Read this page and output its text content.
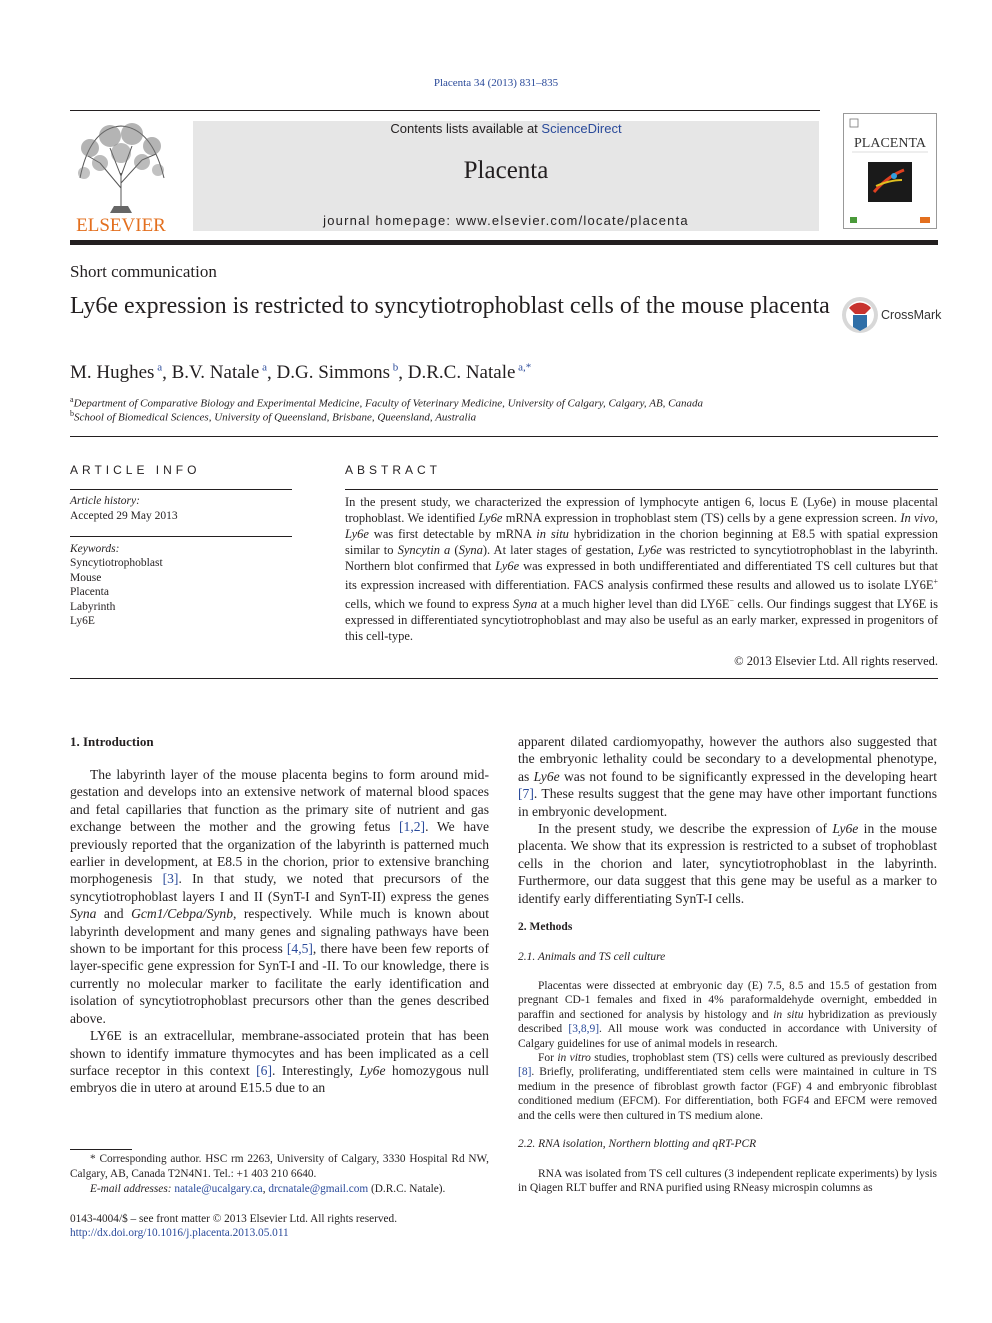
Placenta 34 (2013) 831–835
ELSEVIER
Contents lists available at ScienceDirect
Placenta
journal homepage: www.elsevier.com/locate/placenta
PLACENTA
Short communication
Ly6e expression is restricted to syncytiotrophoblast cells of the mouse placenta	CrossMark
M. Hughes $^a$, B.V. Natale $^a$, D.G. Simmons $^b$, D.R.C. Natale $^{a,*}$
$^a$Department of Comparative Biology and Experimental Medicine, Faculty of Veterinary Medicine, University of Calgary, Calgary, AB, Canada
$^b$School of Biomedical Sciences, University of Queensland, Brisbane, Queensland, Australia
ARTICLE INFO
Article history:
Accepted 29 May 2013
Keywords:
Syncytiotrophoblast
Mouse
Placenta
Labyrinth
Ly6E
ABSTRACT
In the present study, we characterized the expression of lymphocyte antigen 6, locus E (Ly6e) in mouse placental trophoblast. We identified Ly6e mRNA expression in trophoblast stem (TS) cells by a gene expression screen. In vivo, Ly6e was first detectable by mRNA in situ hybridization in the chorion beginning at E8.5 with spatial expression similar to Syncytin a (Syna). At later stages of gestation, Ly6e was restricted to syncytiotrophoblast in the labyrinth. Northern blot confirmed that Ly6e was expressed in both undifferentiated and differentiated TS cell cultures but that its expression increased with differentiation. FACS analysis confirmed these results and allowed us to isolate LY6E+ cells, which we found to express Syna at a much higher level than did LY6E− cells. Our findings suggest that LY6E is expressed in differentiated syncytiotrophoblast and may also be useful as an early marker, expressed in progenitors of this cell-type.
© 2013 Elsevier Ltd. All rights reserved.
1. Introduction

The labyrinth layer of the mouse placenta begins to form around mid-gestation and develops into an extensive network of maternal blood spaces and fetal capillaries that function as the primary site of nutrient and gas exchange between the mother and the growing fetus [1,2]. We have previously reported that the organization of the labyrinth is patterned much earlier in development, at E8.5 in the chorion, prior to extensive branching morphogenesis [3]. In that study, we noted that precursors of the syncytiotrophoblast layers I and II (SynT-I and SynT-II) express the genes Syna and Gcm1/Cebpa/Synb, respectively. While much is known about labyrinth development and many genes and signaling pathways have been shown to be important for this process [4,5], there have been few reports of layer-specific gene expression for SynT-I and -II. To our knowledge, there is currently no molecular marker to facilitate the early identification and isolation of syncytiotrophoblast precursors other than the genes described above.

LY6E is an extracellular, membrane-associated protein that has been shown to identify immature thymocytes and has been implicated as a cell surface receptor in this context [6]. Interestingly, Ly6e homozygous null embryos die in utero at around E15.5 due to an

* Corresponding author. HSC rm 2263, University of Calgary, 3330 Hospital Rd NW, Calgary, AB, Canada T2N4N1. Tel.: +1 403 210 6640.
E-mail addresses: natale@ucalgary.ca, drcnatale@gmail.com (D.R.C. Natale).
0143-4004/$ – see front matter © 2013 Elsevier Ltd. All rights reserved.
http://dx.doi.org/10.1016/j.placenta.2013.05.011

apparent dilated cardiomyopathy, however the authors also suggested that the embryonic lethality could be secondary to a developmental phenotype, as Ly6e was not found to be significantly expressed in the developing heart [7]. These results suggest that the gene may have other important functions in embryonic development.

In the present study, we describe the expression of Ly6e in the mouse placenta. We show that its expression is restricted to a subset of trophoblast cells in the chorion and later, syncytiotrophoblast in the labyrinth. Furthermore, our data suggest that this gene may be useful as a marker to identify early differentiating SynT-I cells.

2. Methods
2.1. Animals and TS cell culture

Placentas were dissected at embryonic day (E) 7.5, 8.5 and 15.5 of gestation from pregnant CD-1 females and fixed in 4% paraformaldehyde overnight, embedded in paraffin and sectioned for analysis by histology and in situ hybridization as previously described [3,8,9]. All mouse work was conducted in accordance with University of Calgary guidelines for use of animal models in research.

For in vitro studies, trophoblast stem (TS) cells were cultured as previously described [8]. Briefly, proliferating, undifferentiated stem cells were maintained in culture in TS medium in the presence of fibroblast growth factor (FGF) 4 and embryonic fibroblast conditioned medium (EFCM). For differentiation, both FGF4 and EFCM were removed and the cells were then cultured in TS medium alone.

2.2. RNA isolation, Northern blotting and qRT-PCR

RNA was isolated from TS cell cultures (3 independent replicate experiments) by lysis in Qiagen RLT buffer and RNA purified using RNeasy microspin columns as
